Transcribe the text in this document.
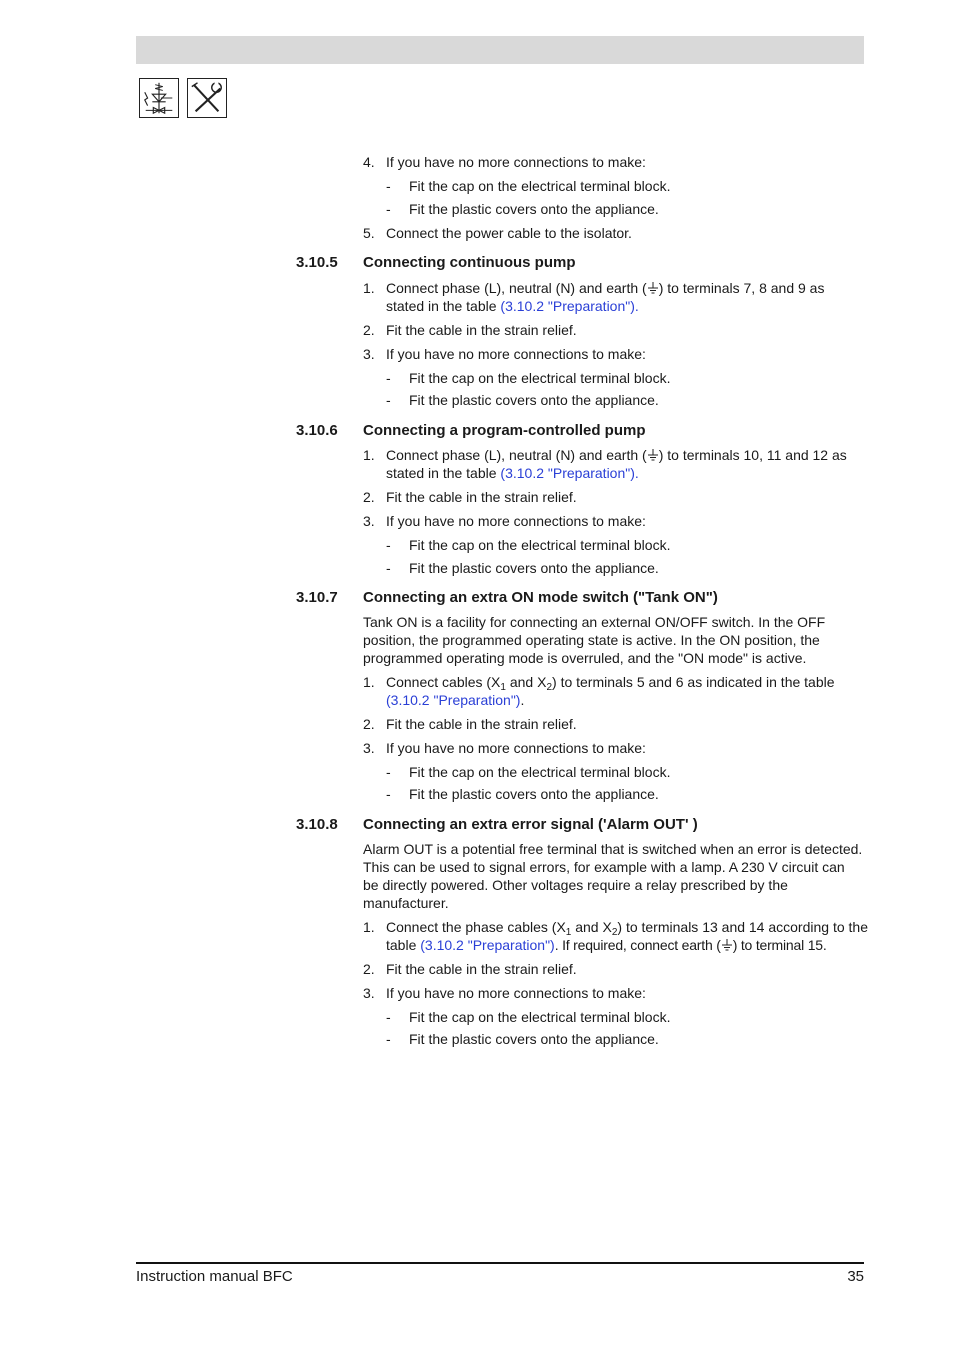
4. If you have no more connections to make:
- Fit the cap on the electrical terminal block.
- Fit the plastic covers onto the appliance.
5. Connect the power cable to the isolator.
3.10.5 Connecting continuous pump
1. Connect phase (L), neutral (N) and earth ( ) to terminals 7, 8 and 9 as stated in the table (3.10.2 "Preparation").
2. Fit the cable in the strain relief.
3. If you have no more connections to make:
- Fit the cap on the electrical terminal block.
- Fit the plastic covers onto the appliance.
3.10.6 Connecting a program-controlled pump
1. Connect phase (L), neutral (N) and earth ( ) to terminals 10, 11 and 12 as stated in the table (3.10.2 "Preparation").
2. Fit the cable in the strain relief.
3. If you have no more connections to make:
- Fit the cap on the electrical terminal block.
- Fit the plastic covers onto the appliance.
3.10.7 Connecting an extra ON mode switch ("Tank ON")
Tank ON is a facility for connecting an external ON/OFF switch. In the OFF position, the programmed operating state is active. In the ON position, the programmed operating mode is overruled, and the "ON mode" is active.
1. Connect cables ($X_1$ and $X_2$) to terminals 5 and 6 as indicated in the table (3.10.2 "Preparation").
2. Fit the cable in the strain relief.
3. If you have no more connections to make:
- Fit the cap on the electrical terminal block.
- Fit the plastic covers onto the appliance.
3.10.8 Connecting an extra error signal ('Alarm OUT' )
Alarm OUT is a potential free terminal that is switched when an error is detected. This can be used to signal errors, for example with a lamp. A 230 V circuit can be directly powered. Other voltages require a relay prescribed by the manufacturer.
1. Connect the phase cables ($X_1$ and $X_2$) to terminals 13 and 14 according to the table (3.10.2 "Preparation"). If required, connect earth ( ) to terminal 15.
2. Fit the cable in the strain relief.
3. If you have no more connections to make:
- Fit the cap on the electrical terminal block.
- Fit the plastic covers onto the appliance.
Instruction manual BFC	35
